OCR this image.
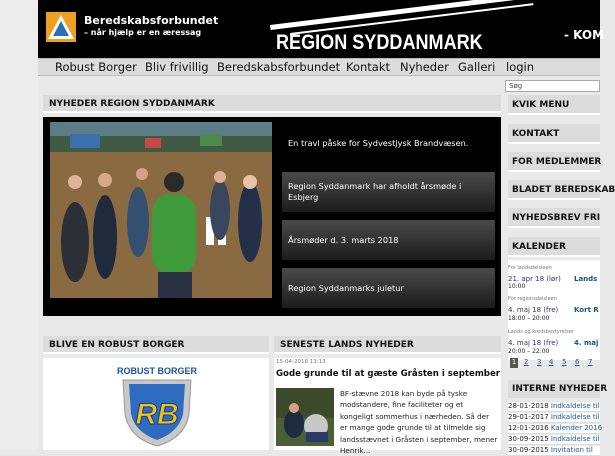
Beredskabsforbundet
– når hjælp er en æressag	REGION SYDDANMARK	- KOM
Robust Borger Bliv frivillig Beredskabsforbundet Kontakt Nyheder Galleri login
Søg
NYHEDER REGION SYDDANMARK
En travl påske for Sydvestjysk Brandvæsen.
Region Syddanmark har afholdt årsmøde i Esbjerg
Årsmøder d. 3. marts 2018
Region Syddanmarks juletur
KVIK MENU
KONTAKT
FOR MEDLEMMER
BLADET BEREDSKAB
NYHEDSBREV FRI
KALENDER
For landsdelsleen
21. apr 18 (lør) Lands
10:00
For regionsdelsleen
4. maj 18 (fre) Kort R
18:00 – 20:00
Lands og kredsbestyrelser
4. maj 18 (fre) 4. maj
20:00 – 22:00
1 2 3 4 5 6 7
INTERNE NYHEDER
28-01-2018 Indkaldelse til
29-01-2017 Indkaldelse til
12-01-2016 Kalender 2016
30-09-2015 Indkaldelse til
30-09-2015 Invitation til
BLIVE EN ROBUST BORGER
ROBUST BORGER
RB
SENESTE LANDS NYHEDER
15-04-2018 13:13
Gode grunde til at gæste Gråsten i september
BF-stævne 2018 kan byde på tyske modstandere, fine faciliteter og et kongeligt sommerhus i nærheden. Så der er mange gode grunde til at tilmelde sig landsstævnet i Gråsten i september, mener Henrik...
